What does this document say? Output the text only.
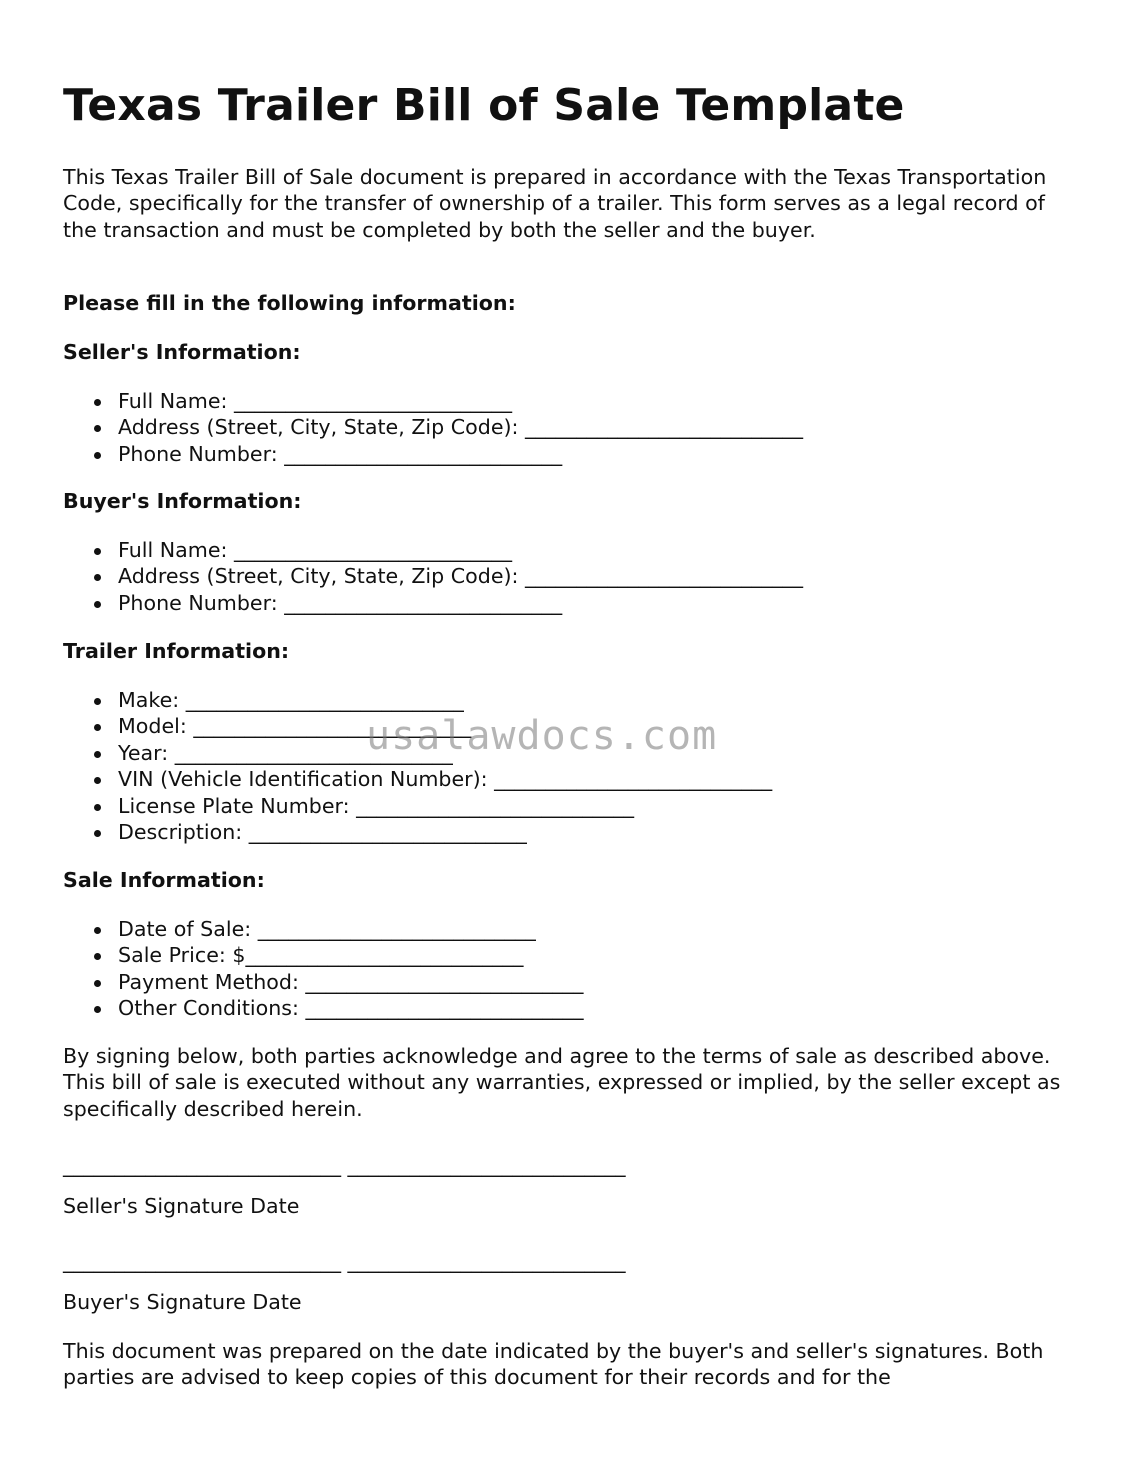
Texas Trailer Bill of Sale Template

This Texas Trailer Bill of Sale document is prepared in accordance with the Texas Transportation Code, specifically for the transfer of ownership of a trailer. This form serves as a legal record of the transaction and must be completed by both the seller and the buyer.

Please fill in the following information:

Seller's Information:

Full Name: ___________________________
Address (Street, City, State, Zip Code): ___________________________
Phone Number: ___________________________

Buyer's Information:

Full Name: ___________________________
Address (Street, City, State, Zip Code): ___________________________
Phone Number: ___________________________

Trailer Information:

Make: ___________________________
Model: ___________________________
Year: ___________________________
VIN (Vehicle Identification Number): ___________________________
License Plate Number: ___________________________
Description: ___________________________

Sale Information:

Date of Sale: ___________________________
Sale Price: $___________________________
Payment Method: ___________________________
Other Conditions: ___________________________

By signing below, both parties acknowledge and agree to the terms of sale as described above. This bill of sale is executed without any warranties, expressed or implied, by the seller except as specifically described herein.

___________________________ ___________________________
Seller's Signature Date
___________________________ ___________________________
Buyer's Signature Date

This document was prepared on the date indicated by the buyer's and seller's signatures. Both parties are advised to keep copies of this document for their records and for the

usalawdocs.com
